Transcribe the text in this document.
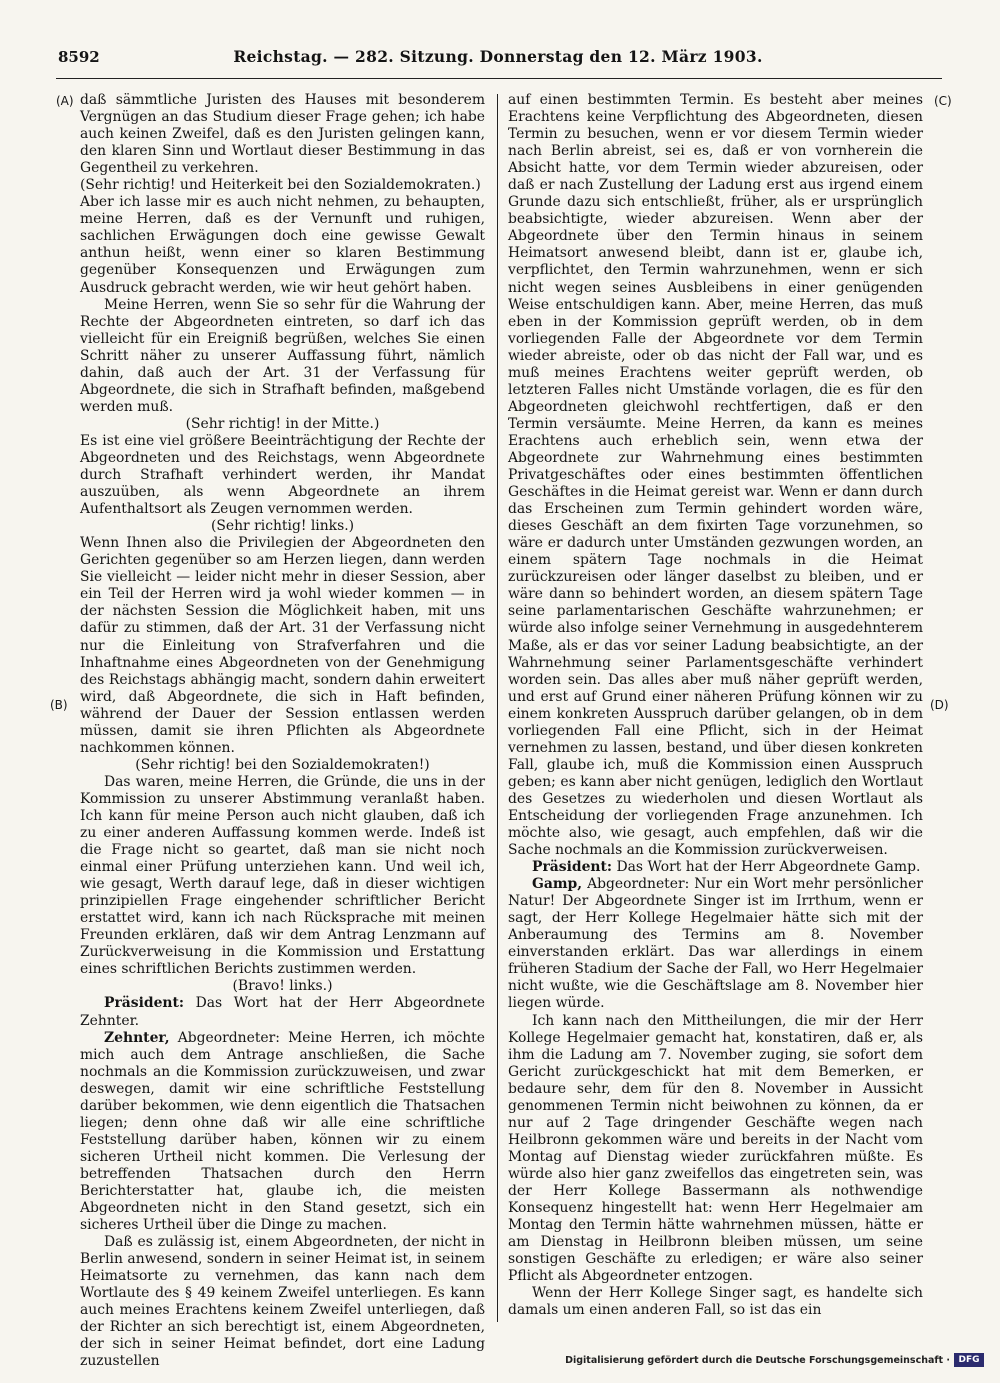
8592	Reichstag. — 282. Sitzung. Donnerstag den 12. März 1903.
(A)
(B)
(C)
(D)

daß sämmtliche Juristen des Hauses mit besonderem Vergnügen an das Studium dieser Frage gehen; ich habe auch keinen Zweifel, daß es den Juristen gelingen kann, den klaren Sinn und Wortlaut dieser Bestimmung in das Gegentheil zu verkehren.

(Sehr richtig! und Heiterkeit bei den Sozialdemokraten.)

Aber ich lasse mir es auch nicht nehmen, zu behaupten, meine Herren, daß es der Vernunft und ruhigen, sachlichen Erwägungen doch eine gewisse Gewalt anthun heißt, wenn einer so klaren Bestimmung gegenüber Konsequenzen und Erwägungen zum Ausdruck gebracht werden, wie wir heut gehört haben.

Meine Herren, wenn Sie so sehr für die Wahrung der Rechte der Abgeordneten eintreten, so darf ich das vielleicht für ein Ereigniß begrüßen, welches Sie einen Schritt näher zu unserer Auffassung führt, nämlich dahin, daß auch der Art. 31 der Verfassung für Abgeordnete, die sich in Strafhaft befinden, maßgebend werden muß.

(Sehr richtig! in der Mitte.)

Es ist eine viel größere Beeinträchtigung der Rechte der Abgeordneten und des Reichstags, wenn Abgeordnete durch Strafhaft verhindert werden, ihr Mandat auszuüben, als wenn Abgeordnete an ihrem Aufenthaltsort als Zeugen vernommen werden.

(Sehr richtig! links.)

Wenn Ihnen also die Privilegien der Abgeordneten den Gerichten gegenüber so am Herzen liegen, dann werden Sie vielleicht — leider nicht mehr in dieser Session, aber ein Teil der Herren wird ja wohl wieder kommen — in der nächsten Session die Möglichkeit haben, mit uns dafür zu stimmen, daß der Art. 31 der Verfassung nicht nur die Einleitung von Strafverfahren und die Inhaftnahme eines Abgeordneten von der Genehmigung des Reichstags abhängig macht, sondern dahin erweitert wird, daß Abgeordnete, die sich in Haft befinden, während der Dauer der Session entlassen werden müssen, damit sie ihren Pflichten als Abgeordnete nachkommen können.

(Sehr richtig! bei den Sozialdemokraten!)

Das waren, meine Herren, die Gründe, die uns in der Kommission zu unserer Abstimmung veranlaßt haben. Ich kann für meine Person auch nicht glauben, daß ich zu einer anderen Auffassung kommen werde. Indeß ist die Frage nicht so geartet, daß man sie nicht noch einmal einer Prüfung unterziehen kann. Und weil ich, wie gesagt, Werth darauf lege, daß in dieser wichtigen prinzipiellen Frage eingehender schriftlicher Bericht erstattet wird, kann ich nach Rücksprache mit meinen Freunden erklären, daß wir dem Antrag Lenzmann auf Zurückverweisung in die Kommission und Erstattung eines schriftlichen Berichts zustimmen werden.

(Bravo! links.)

Präsident: Das Wort hat der Herr Abgeordnete Zehnter.

Zehnter, Abgeordneter: Meine Herren, ich möchte mich auch dem Antrage anschließen, die Sache nochmals an die Kommission zurückzuweisen, und zwar deswegen, damit wir eine schriftliche Feststellung darüber bekommen, wie denn eigentlich die Thatsachen liegen; denn ohne daß wir alle eine schriftliche Feststellung darüber haben, können wir zu einem sicheren Urtheil nicht kommen. Die Verlesung der betreffenden Thatsachen durch den Herrn Berichterstatter hat, glaube ich, die meisten Abgeordneten nicht in den Stand gesetzt, sich ein sicheres Urtheil über die Dinge zu machen.

Daß es zulässig ist, einem Abgeordneten, der nicht in Berlin anwesend, sondern in seiner Heimat ist, in seinem Heimatsorte zu vernehmen, das kann nach dem Wortlaute des § 49 keinem Zweifel unterliegen. Es kann auch meines Erachtens keinem Zweifel unterliegen, daß der Richter an sich berechtigt ist, einem Abgeordneten, der sich in seiner Heimat befindet, dort eine Ladung zuzustellen

auf einen bestimmten Termin. Es besteht aber meines Erachtens keine Verpflichtung des Abgeordneten, diesen Termin zu besuchen, wenn er vor diesem Termin wieder nach Berlin abreist, sei es, daß er von vornherein die Absicht hatte, vor dem Termin wieder abzureisen, oder daß er nach Zustellung der Ladung erst aus irgend einem Grunde dazu sich entschließt, früher, als er ursprünglich beabsichtigte, wieder abzureisen. Wenn aber der Abgeordnete über den Termin hinaus in seinem Heimatsort anwesend bleibt, dann ist er, glaube ich, verpflichtet, den Termin wahrzunehmen, wenn er sich nicht wegen seines Ausbleibens in einer genügenden Weise entschuldigen kann. Aber, meine Herren, das muß eben in der Kommission geprüft werden, ob in dem vorliegenden Falle der Abgeordnete vor dem Termin wieder abreiste, oder ob das nicht der Fall war, und es muß meines Erachtens weiter geprüft werden, ob letzteren Falles nicht Umstände vorlagen, die es für den Abgeordneten gleichwohl rechtfertigen, daß er den Termin versäumte. Meine Herren, da kann es meines Erachtens auch erheblich sein, wenn etwa der Abgeordnete zur Wahrnehmung eines bestimmten Privatgeschäftes oder eines bestimmten öffentlichen Geschäftes in die Heimat gereist war. Wenn er dann durch das Erscheinen zum Termin gehindert worden wäre, dieses Geschäft an dem fixirten Tage vorzunehmen, so wäre er dadurch unter Umständen gezwungen worden, an einem spätern Tage nochmals in die Heimat zurückzureisen oder länger daselbst zu bleiben, und er wäre dann so behindert worden, an diesem spätern Tage seine parlamentarischen Geschäfte wahrzunehmen; er würde also infolge seiner Vernehmung in ausgedehnterem Maße, als er das vor seiner Ladung beabsichtigte, an der Wahrnehmung seiner Parlamentsgeschäfte verhindert worden sein. Das alles aber muß näher geprüft werden, und erst auf Grund einer näheren Prüfung können wir zu einem konkreten Ausspruch darüber gelangen, ob in dem vorliegenden Fall eine Pflicht, sich in der Heimat vernehmen zu lassen, bestand, und über diesen konkreten Fall, glaube ich, muß die Kommission einen Ausspruch geben; es kann aber nicht genügen, lediglich den Wortlaut des Gesetzes zu wiederholen und diesen Wortlaut als Entscheidung der vorliegenden Frage anzunehmen. Ich möchte also, wie gesagt, auch empfehlen, daß wir die Sache nochmals an die Kommission zurückverweisen.

Präsident: Das Wort hat der Herr Abgeordnete Gamp.

Gamp, Abgeordneter: Nur ein Wort mehr persönlicher Natur! Der Abgeordnete Singer ist im Irrthum, wenn er sagt, der Herr Kollege Hegelmaier hätte sich mit der Anberaumung des Termins am 8. November einverstanden erklärt. Das war allerdings in einem früheren Stadium der Sache der Fall, wo Herr Hegelmaier nicht wußte, wie die Geschäftslage am 8. November hier liegen würde.

Ich kann nach den Mittheilungen, die mir der Herr Kollege Hegelmaier gemacht hat, konstatiren, daß er, als ihm die Ladung am 7. November zuging, sie sofort dem Gericht zurückgeschickt hat mit dem Bemerken, er bedaure sehr, dem für den 8. November in Aussicht genommenen Termin nicht beiwohnen zu können, da er nur auf 2 Tage dringender Geschäfte wegen nach Heilbronn gekommen wäre und bereits in der Nacht vom Montag auf Dienstag wieder zurückfahren müßte. Es würde also hier ganz zweifellos das eingetreten sein, was der Herr Kollege Bassermann als nothwendige Konsequenz hingestellt hat: wenn Herr Hegelmaier am Montag den Termin hätte wahrnehmen müssen, hätte er am Dienstag in Heilbronn bleiben müssen, um seine sonstigen Geschäfte zu erledigen; er wäre also seiner Pflicht als Abgeordneter entzogen.

Wenn der Herr Kollege Singer sagt, es handelte sich damals um einen anderen Fall, so ist das ein

Digitalisierung gefördert durch die Deutsche Forschungsgemeinschaft · DFG
